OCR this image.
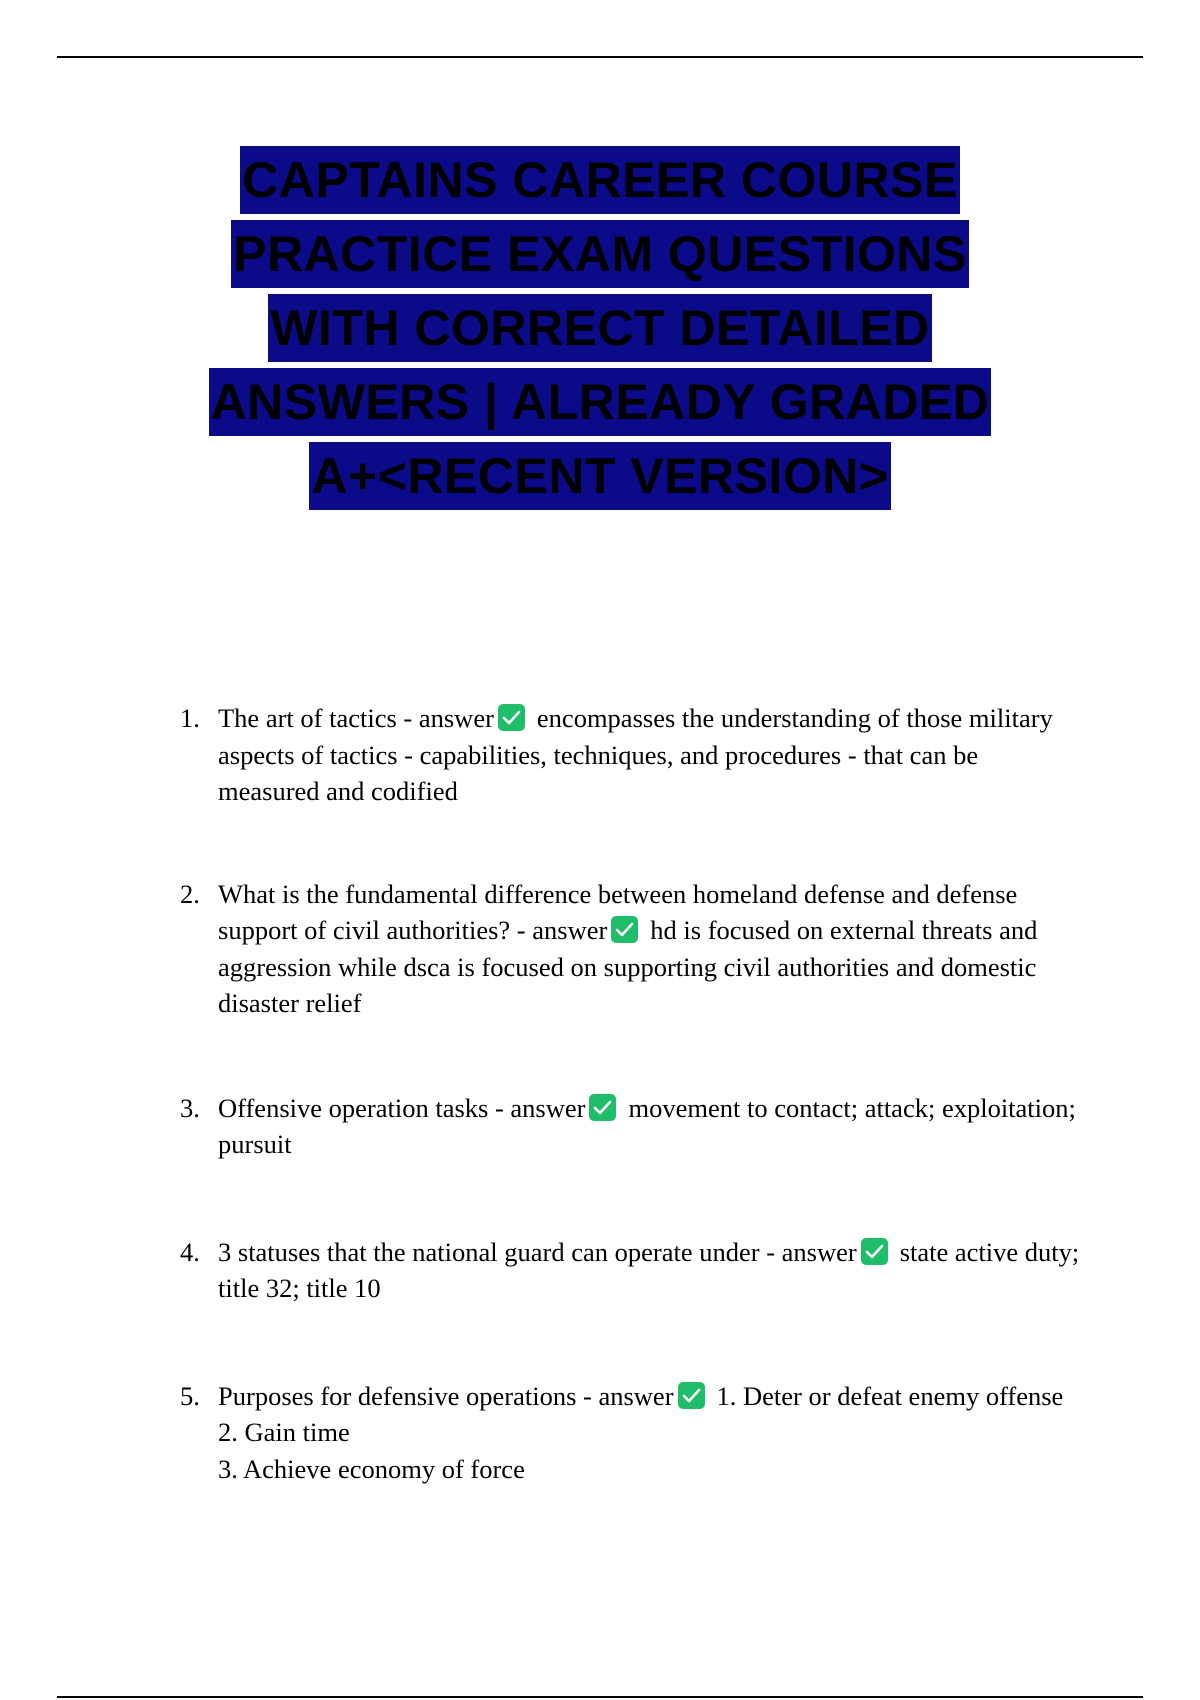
CAPTAINS CAREER COURSE
PRACTICE EXAM QUESTIONS
WITH CORRECT DETAILED
ANSWERS | ALREADY GRADED
A+<RECENT VERSION>
1. The art of tactics - answer encompasses the understanding of those military aspects of tactics - capabilities, techniques, and procedures - that can be measured and codified
2. What is the fundamental difference between homeland defense and defense support of civil authorities? - answer hd is focused on external threats and aggression while dsca is focused on supporting civil authorities and domestic disaster relief
3. Offensive operation tasks - answer movement to contact; attack; exploitation; pursuit
4. 3 statuses that the national guard can operate under - answer state active duty; title 32; title 10
5. Purposes for defensive operations - answer 1. Deter or defeat enemy offense
2. Gain time
3. Achieve economy of force
